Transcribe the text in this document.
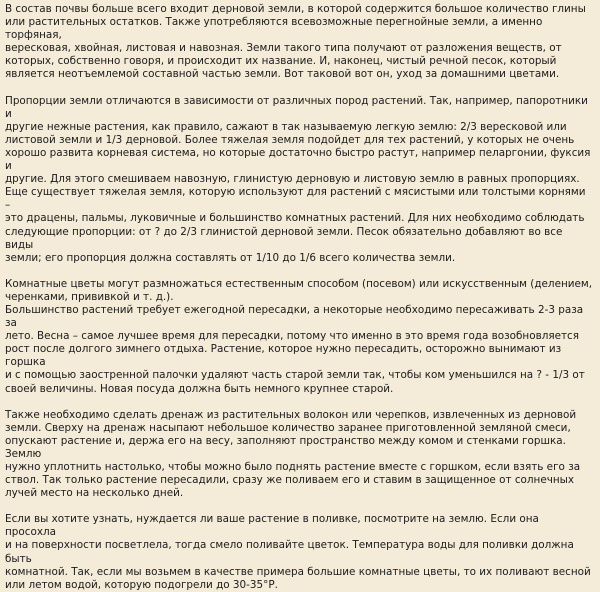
В состав почвы больше всего входит дерновой земли, в которой содержится большое количество глины
или растительных остатков. Также употребляются всевозможные перегнойные земли, а именно торфяная,
вересковая, хвойная, листовая и навозная. Земли такого типа получают от разложения веществ, от
которых, собственно говоря, и происходит их название. И, наконец, чистый речной песок, который
является неотъемлемой составной частью земли. Вот таковой вот он, уход за домашними цветами.

Пропорции земли отличаются в зависимости от различных пород растений. Так, например, папоротники и
другие нежные растения, как правило, сажают в так называемую легкую землю: 2/3 вересковой или
листовой земли и 1/3 дерновой. Более тяжелая земля подойдет для тех растений, у которых не очень
хорошо развита корневая система, но которые достаточно быстро растут, например пеларгонии, фуксия и
другие. Для этого смешиваем навозную, глинистую дерновую и листовую землю в равных пропорциях.
Еще существует тяжелая земля, которую используют для растений с мясистыми или толстыми корнями –
это драцены, пальмы, луковичные и большинство комнатных растений. Для них необходимо соблюдать
следующие пропорции: от ? до 2/3 глинистой дерновой земли. Песок обязательно добавляют во все виды
земли; его пропорция должна составлять от 1/10 до 1/6 всего количества земли.

Комнатные цветы могут размножаться естественным способом (посевом) или искусственным (делением,
черенками, прививкой и т. д.).
Большинство растений требует ежегодной пересадки, а некоторые необходимо пересаживать 2-3 раза за
лето. Весна – самое лучшее время для пересадки, потому что именно в это время года возобновляется
рост после долгого зимнего отдыха. Растение, которое нужно пересадить, осторожно вынимают из горшка
и с помощью заостренной палочки удаляют часть старой земли так, чтобы ком уменьшился на ? - 1/3 от
своей величины. Новая посуда должна быть немного крупнее старой.

Также необходимо сделать дренаж из растительных волокон или черепков, извлеченных из дерновой
земли. Сверху на дренаж насыпают небольшое количество заранее приготовленной земляной смеси,
опускают растение и, держа его на весу, заполняют пространство между комом и стенками горшка. Землю
нужно уплотнить настолько, чтобы можно было поднять растение вместе с горшком, если взять его за
ствол. Так только растение пересадили, сразу же поливаем его и ставим в защищенное от солнечных
лучей место на несколько дней.

Если вы хотите узнать, нуждается ли ваше растение в поливке, посмотрите на землю. Если она просохла
и на поверхности посветлела, тогда смело поливайте цветок. Температура воды для поливки должна быть
комнатной. Так, если мы возьмем в качестве примера большие комнатные цветы, то их поливают весной
или летом водой, которую подогрели до 30-35°Р.
